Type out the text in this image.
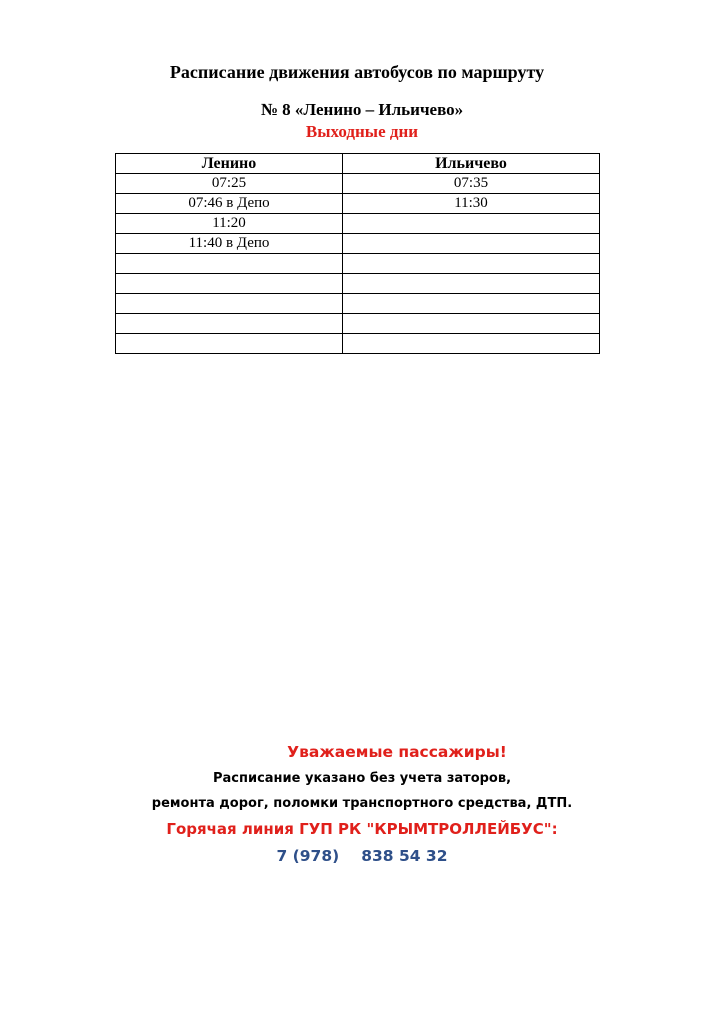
Расписание движения автобусов по маршруту
№ 8 «Ленино – Ильичево»
Выходные дни
Ленино	Ильичево
07:25	07:35
07:46 в Депо	11:30
11:20	
11:40 в Депо	

Уважаемые пассажиры!
Расписание указано без учета заторов,
ремонта дорог, поломки транспортного средства, ДТП.
Горячая линия ГУП РК "КРЫМТРОЛЛЕЙБУС":
7 (978) 838 54 32
